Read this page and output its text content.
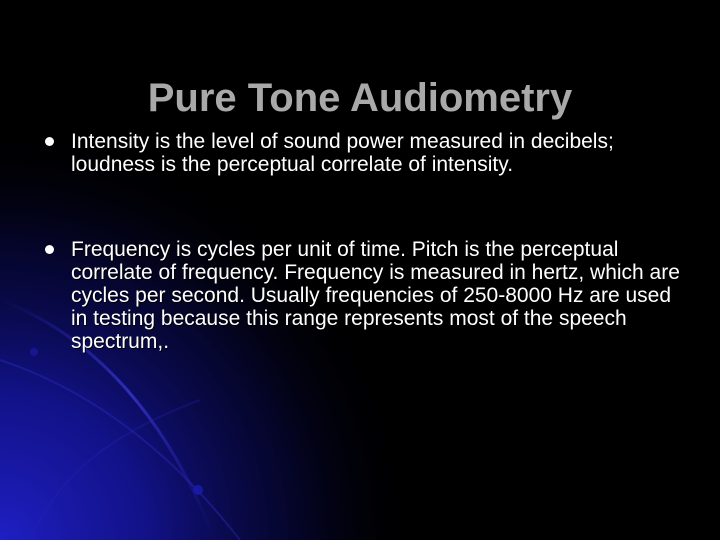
Pure Tone Audiometry
Intensity is the level of sound power measured in decibels; loudness is the perceptual correlate of intensity.
Frequency is cycles per unit of time. Pitch is the perceptual correlate of frequency. Frequency is measured in hertz, which are cycles per second. Usually frequencies of 250-8000 Hz are used in testing because this range represents most of the speech spectrum,.
